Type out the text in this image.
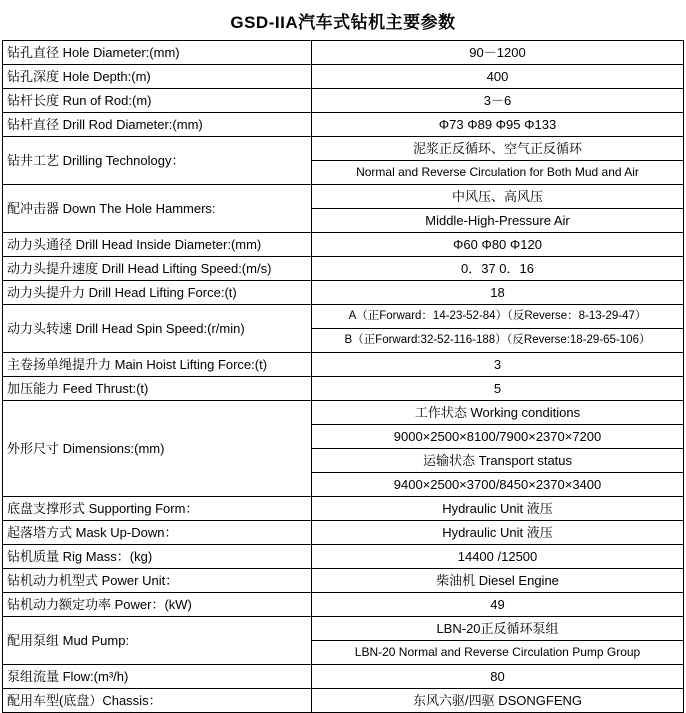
GSD-IIA汽车式钻机主要参数
钻孔直径 Hole Diameter:(mm)	90－1200
钻孔深度 Hole Depth:(m)	400
钻杆长度 Run of Rod:(m)	3－6
钻杆直径 Drill Rod Diameter:(mm)	Φ73 Φ89 Φ95 Φ133
钻井工艺 Drilling Technology：	泥浆正反循环、空气正反循环
	Normal and Reverse Circulation for Both Mud and Air
配冲击器 Down The Hole Hammers:	中风压、高风压
	Middle-High-Pressure Air
动力头通径 Drill Head Inside Diameter:(mm)	Φ60 Φ80 Φ120
动力头提升速度 Drill Head Lifting Speed:(m/s)	0．37 0．16
动力头提升力 Drill Head Lifting Force:(t)	18
动力头转速 Drill Head Spin Speed:(r/min)	A（正Forward：14-23-52-84）（反Reverse：8-13-29-47）
	B（正Forward:32-52-116-188）（反Reverse:18-29-65-106）
主卷扬单绳提升力 Main Hoist Lifting Force:(t)	3
加压能力 Feed Thrust:(t)	5
外形尺寸 Dimensions:(mm)	工作状态 Working conditions
	9000×2500×8100/7900×2370×7200
	运输状态 Transport status
	9400×2500×3700/8450×2370×3400
底盘支撑形式 Supporting Form：	Hydraulic Unit 液压
起落塔方式 Mask Up-Down：	Hydraulic Unit 液压
钻机质量 Rig Mass：(kg)	14400 /12500
钻机动力机型式 Power Unit：	柴油机 Diesel Engine
钻机动力额定功率 Power：(kW)	49
配用泵组 Mud Pump:	LBN-20正反循环泵组
	LBN-20 Normal and Reverse Circulation Pump Group
泵组流量 Flow:(m³/h)	80
配用车型(底盘）Chassis：	东风六驱/四驱 DSONGFENG
